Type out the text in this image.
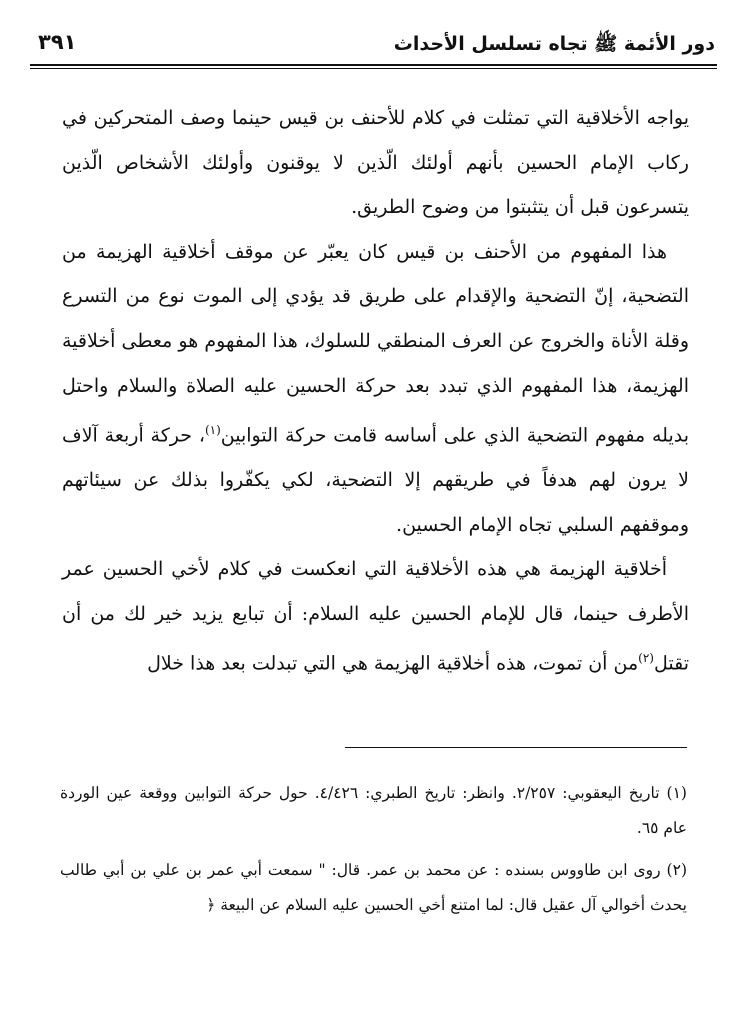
دور الأئمة ﷺ تجاه تسلسل الأحداث
٣٩١

يواجه الأخلاقية التي تمثلت في كلام للأحنف بن قيس حينما وصف المتحركين في ركاب الإمام الحسين بأنهم أولئك الّذين لا يوقنون وأولئك الأشخاص الّذين يتسرعون قبل أن يتثبتوا من وضوح الطريق.

هذا المفهوم من الأحنف بن قيس كان يعبّر عن موقف أخلاقية الهزيمة من التضحية، إنّ التضحية والإقدام على طريق قد يؤدي إلى الموت نوع من التسرع وقلة الأناة والخروج عن العرف المنطقي للسلوك، هذا المفهوم هو معطى أخلاقية الهزيمة، هذا المفهوم الذي تبدد بعد حركة الحسين عليه الصلاة والسلام واحتل بديله مفهوم التضحية الذي على أساسه قامت حركة التوابين$^{(١)}$، حركة أربعة آلاف لا يرون لهم هدفاً في طريقهم إلا التضحية، لكي يكفّروا بذلك عن سيئاتهم وموقفهم السلبي تجاه الإمام الحسين.

أخلاقية الهزيمة هي هذه الأخلاقية التي انعكست في كلام لأخي الحسين عمر الأطرف حينما، قال للإمام الحسين عليه السلام: أن تبايع يزيد خير لك من أن تقتل$^{(٢)}$من أن تموت، هذه أخلاقية الهزيمة هي التي تبدلت بعد هذا خلال

(١) تاريخ اليعقوبي: ٢/٢٥٧. وانظر: تاريخ الطبري: ٤/٤٢٦. حول حركة التوابين ووقعة عين الوردة عام ٦٥.

(٢) روى ابن طاووس بسنده : عن محمد بن عمر. قال: " سمعت أبي عمر بن علي بن أبي طالب يحدث أخوالي آل عقيل قال: لما امتنع أخي الحسين عليه السلام عن البيعة ﴿
